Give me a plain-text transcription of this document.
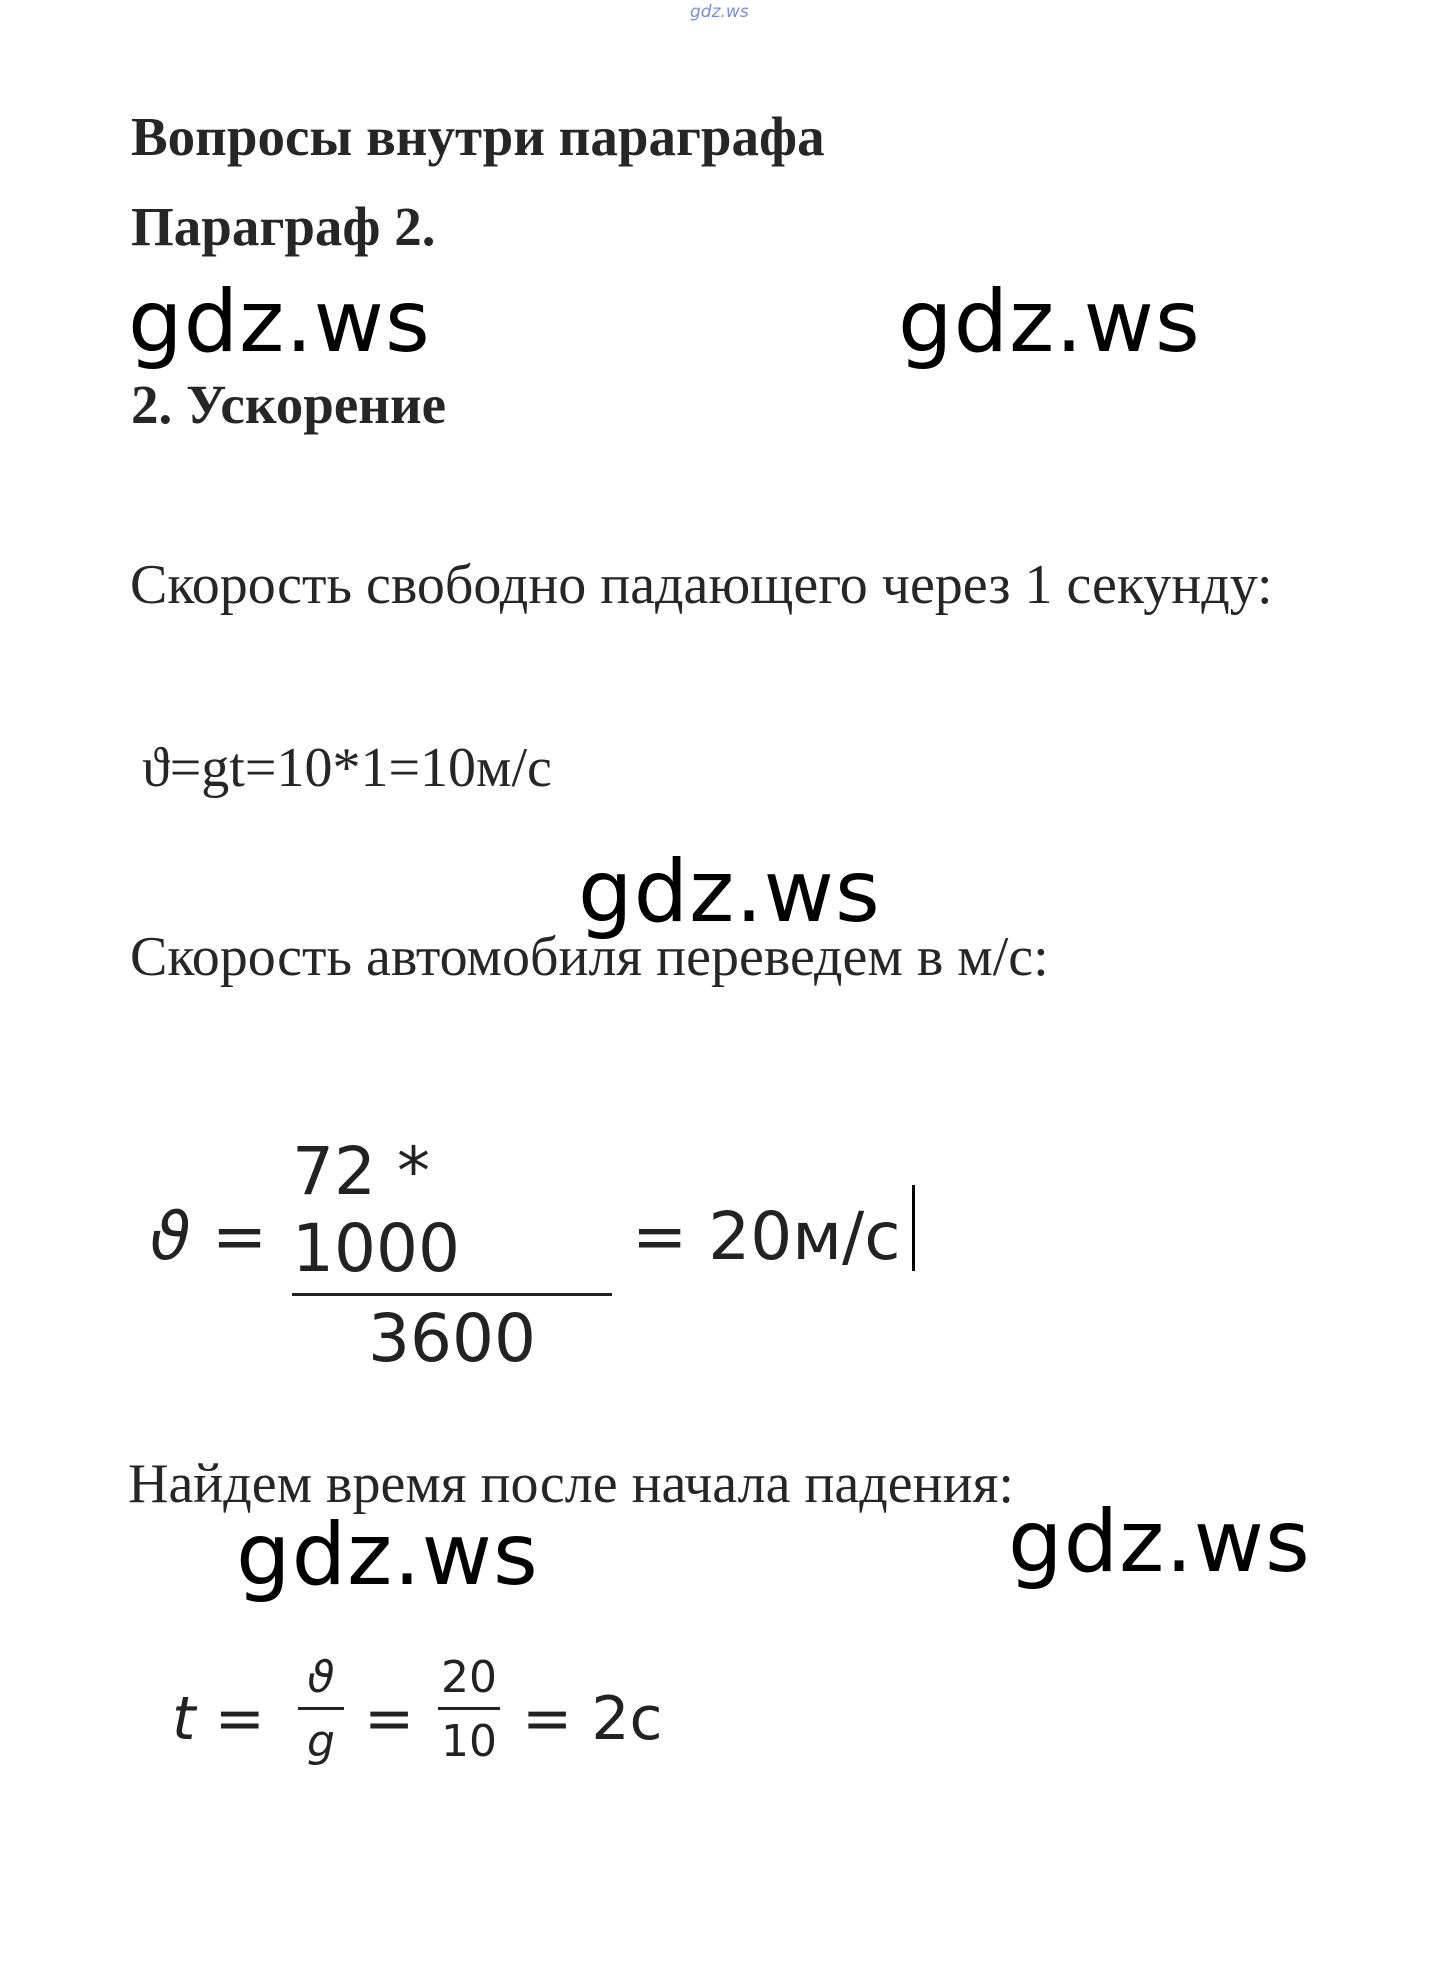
gdz.ws
Вопросы внутри параграфа
Параграф 2.
gdz.ws	gdz.ws
2. Ускорение
Скорость свободно падающего через 1 секунду:
ϑ=gt=10*1=10м/с
gdz.ws
Скорость автомобиля переведем в м/с:
ϑ =
72 * 1000
3600
= 20м/с
Найдем время после начала падения:
gdz.ws	gdz.ws
t =
ϑ
g =
20
10 = 2с
